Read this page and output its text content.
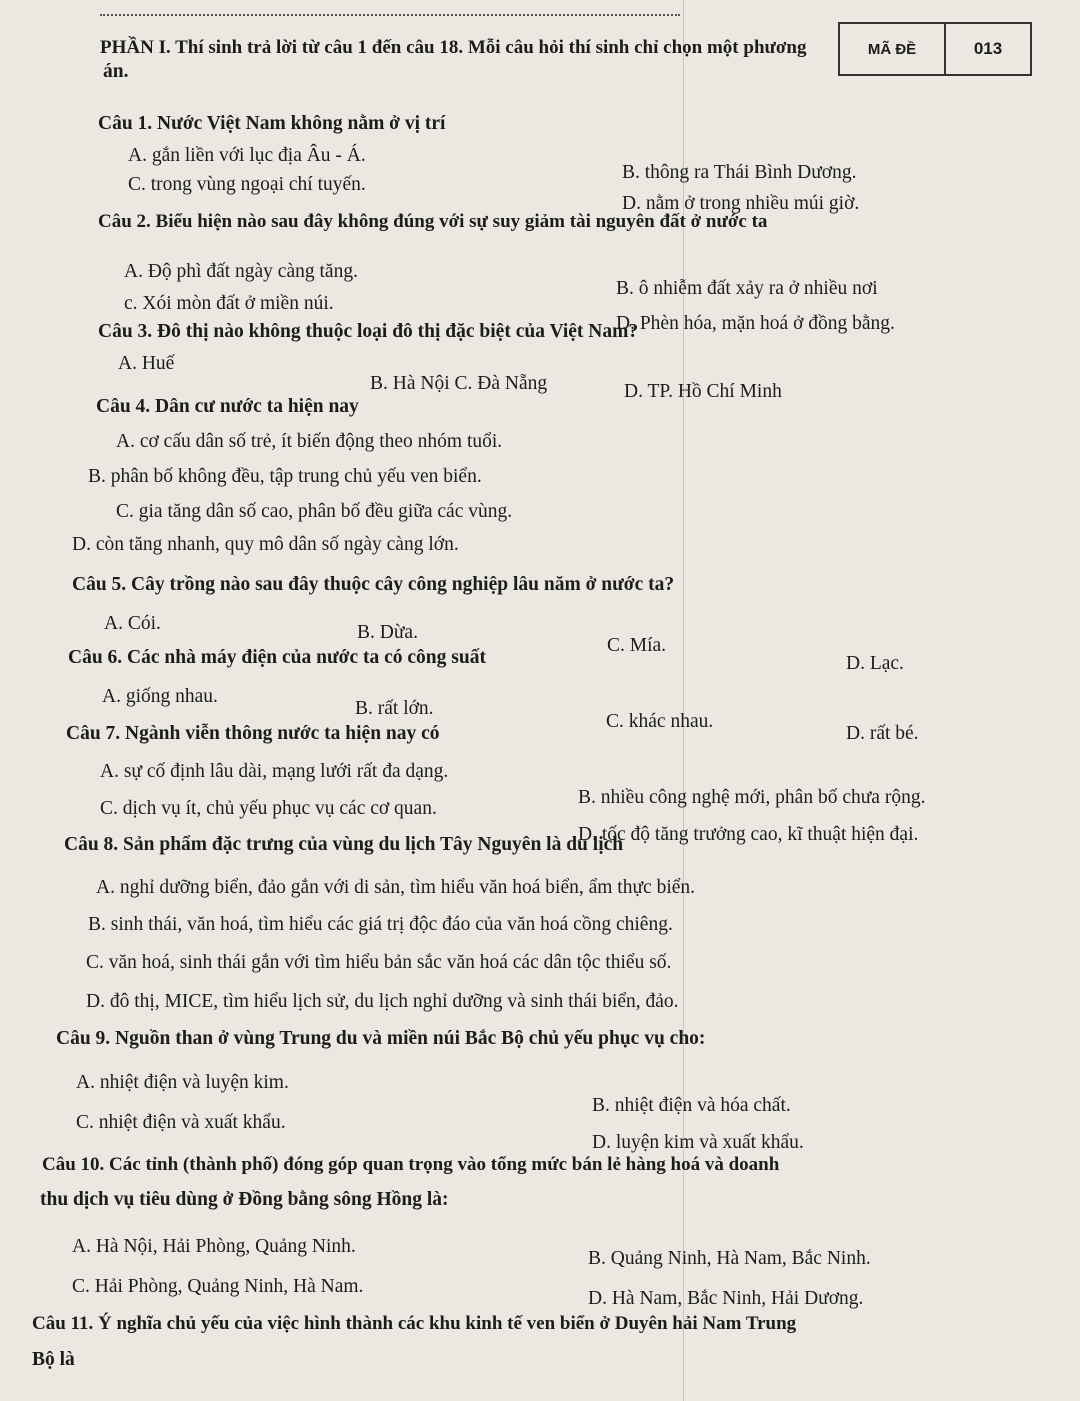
MÃ ĐỀ	013
PHẦN I. Thí sinh trả lời từ câu 1 đến câu 18. Mỗi câu hỏi thí sinh chỉ chọn một phương
án.
Câu 1. Nước Việt Nam không nằm ở vị trí
A. gắn liền với lục địa Âu - Á.
B. thông ra Thái Bình Dương.
C. trong vùng ngoại chí tuyến.
D. nằm ở trong nhiều múi giờ.
Câu 2. Biểu hiện nào sau đây không đúng với sự suy giảm tài nguyên đất ở nước ta
A. Độ phì đất ngày càng tăng.
B. ô nhiễm đất xảy ra ở nhiều nơi
c. Xói mòn đất ở miền núi.
D. Phèn hóa, mặn hoá ở đồng bằng.
Câu 3. Đô thị nào không thuộc loại đô thị đặc biệt của Việt Nam?
A. Huế
B. Hà Nội C. Đà Nẵng	D. TP. Hồ Chí Minh
Câu 4. Dân cư nước ta hiện nay
A. cơ cấu dân số trẻ, ít biến động theo nhóm tuổi.
B. phân bố không đều, tập trung chủ yếu ven biển.
C. gia tăng dân số cao, phân bố đều giữa các vùng.
D. còn tăng nhanh, quy mô dân số ngày càng lớn.
Câu 5. Cây trồng nào sau đây thuộc cây công nghiệp lâu năm ở nước ta?
A. Cói.	B. Dừa.
C. Mía.
D. Lạc.
Câu 6. Các nhà máy điện của nước ta có công suất
A. giống nhau.
B. rất lớn.
C. khác nhau.
D. rất bé.
Câu 7. Ngành viễn thông nước ta hiện nay có
A. sự cố định lâu dài, mạng lưới rất đa dạng.
B. nhiều công nghệ mới, phân bố chưa rộng.
C. dịch vụ ít, chủ yếu phục vụ các cơ quan.
D. tốc độ tăng trưởng cao, kĩ thuật hiện đại.
Câu 8. Sản phẩm đặc trưng của vùng du lịch Tây Nguyên là du lịch
A. nghỉ dưỡng biển, đảo gắn với di sản, tìm hiểu văn hoá biển, ẩm thực biển.
B. sinh thái, văn hoá, tìm hiểu các giá trị độc đáo của văn hoá cồng chiêng.
C. văn hoá, sinh thái gắn với tìm hiểu bản sắc văn hoá các dân tộc thiểu số.
D. đô thị, MICE, tìm hiểu lịch sử, du lịch nghỉ dưỡng và sinh thái biển, đảo.
Câu 9. Nguồn than ở vùng Trung du và miền núi Bắc Bộ chủ yếu phục vụ cho:
A. nhiệt điện và luyện kim.
B. nhiệt điện và hóa chất.
C. nhiệt điện và xuất khẩu.
D. luyện kim và xuất khẩu.
Câu 10. Các tỉnh (thành phố) đóng góp quan trọng vào tổng mức bán lẻ hàng hoá và doanh
thu dịch vụ tiêu dùng ở Đồng bằng sông Hồng là:
A. Hà Nội, Hải Phòng, Quảng Ninh.
B. Quảng Ninh, Hà Nam, Bắc Ninh.
C. Hải Phòng, Quảng Ninh, Hà Nam.
D. Hà Nam, Bắc Ninh, Hải Dương.
Câu 11. Ý nghĩa chủ yếu của việc hình thành các khu kinh tế ven biển ở Duyên hải Nam Trung
Bộ là
